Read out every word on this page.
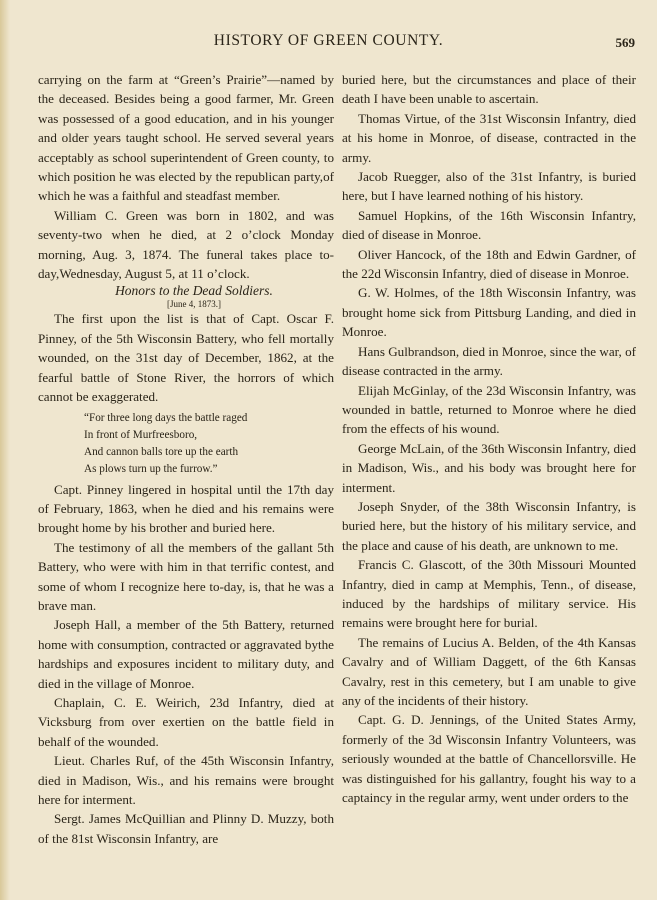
HISTORY OF GREEN COUNTY.	569

carrying on the farm at “Green’s Prairie”—named by the deceased. Besides being a good farmer, Mr. Green was possessed of a good education, and in his younger and older years taught school. He served several years acceptably as school superintendent of Green county, to which position he was elected by the republican party,of which he was a faithful and steadfast member.

William C. Green was born in 1802, and was seventy-two when he died, at 2 o’clock Monday morning, Aug. 3, 1874. The funeral takes place to-day,Wednesday, August 5, at 11 o’clock.

Honors to the Dead Soldiers.

[June 4, 1873.]

The first upon the list is that of Capt. Oscar F. Pinney, of the 5th Wisconsin Battery, who fell mortally wounded, on the 31st day of December, 1862, at the fearful battle of Stone River, the horrors of which cannot be exaggerated.

“For three long days the battle raged
In front of Murfreesboro,
And cannon balls tore up the earth
As plows turn up the furrow.”

Capt. Pinney lingered in hospital until the 17th day of February, 1863, when he died and his remains were brought home by his brother and buried here.

The testimony of all the members of the gallant 5th Battery, who were with him in that terrific contest, and some of whom I recognize here to-day, is, that he was a brave man.

Joseph Hall, a member of the 5th Battery, returned home with consumption, contracted or aggravated bythe hardships and exposures incident to military duty, and died in the village of Monroe.

Chaplain, C. E. Weirich, 23d Infantry, died at Vicksburg from over exertien on the battle field in behalf of the wounded.

Lieut. Charles Ruf, of the 45th Wisconsin Infantry, died in Madison, Wis., and his remains were brought here for interment.

Sergt. James McQuillian and Plinny D. Muzzy, both of the 81st Wisconsin Infantry, are

buried here, but the circumstances and place of their death I have been unable to ascertain.

Thomas Virtue, of the 31st Wisconsin Infantry, died at his home in Monroe, of disease, contracted in the army.

Jacob Ruegger, also of the 31st Infantry, is buried here, but I have learned nothing of his history.

Samuel Hopkins, of the 16th Wisconsin Infantry, died of disease in Monroe.

Oliver Hancock, of the 18th and Edwin Gardner, of the 22d Wisconsin Infantry, died of disease in Monroe.

G. W. Holmes, of the 18th Wisconsin Infantry, was brought home sick from Pittsburg Landing, and died in Monroe.

Hans Gulbrandson, died in Monroe, since the war, of disease contracted in the army.

Elijah McGinlay, of the 23d Wisconsin Infantry, was wounded in battle, returned to Monroe where he died from the effects of his wound.

George McLain, of the 36th Wisconsin Infantry, died in Madison, Wis., and his body was brought here for interment.

Joseph Snyder, of the 38th Wisconsin Infantry, is buried here, but the history of his military service, and the place and cause of his death, are unknown to me.

Francis C. Glascott, of the 30th Missouri Mounted Infantry, died in camp at Memphis, Tenn., of disease, induced by the hardships of military service. His remains were brought here for burial.

The remains of Lucius A. Belden, of the 4th Kansas Cavalry and of William Daggett, of the 6th Kansas Cavalry, rest in this cemetery, but I am unable to give any of the incidents of their history.

Capt. G. D. Jennings, of the United States Army, formerly of the 3d Wisconsin Infantry Volunteers, was seriously wounded at the battle of Chancellorsville. He was distinguished for his gallantry, fought his way to a captaincy in the regular army, went under orders to the
